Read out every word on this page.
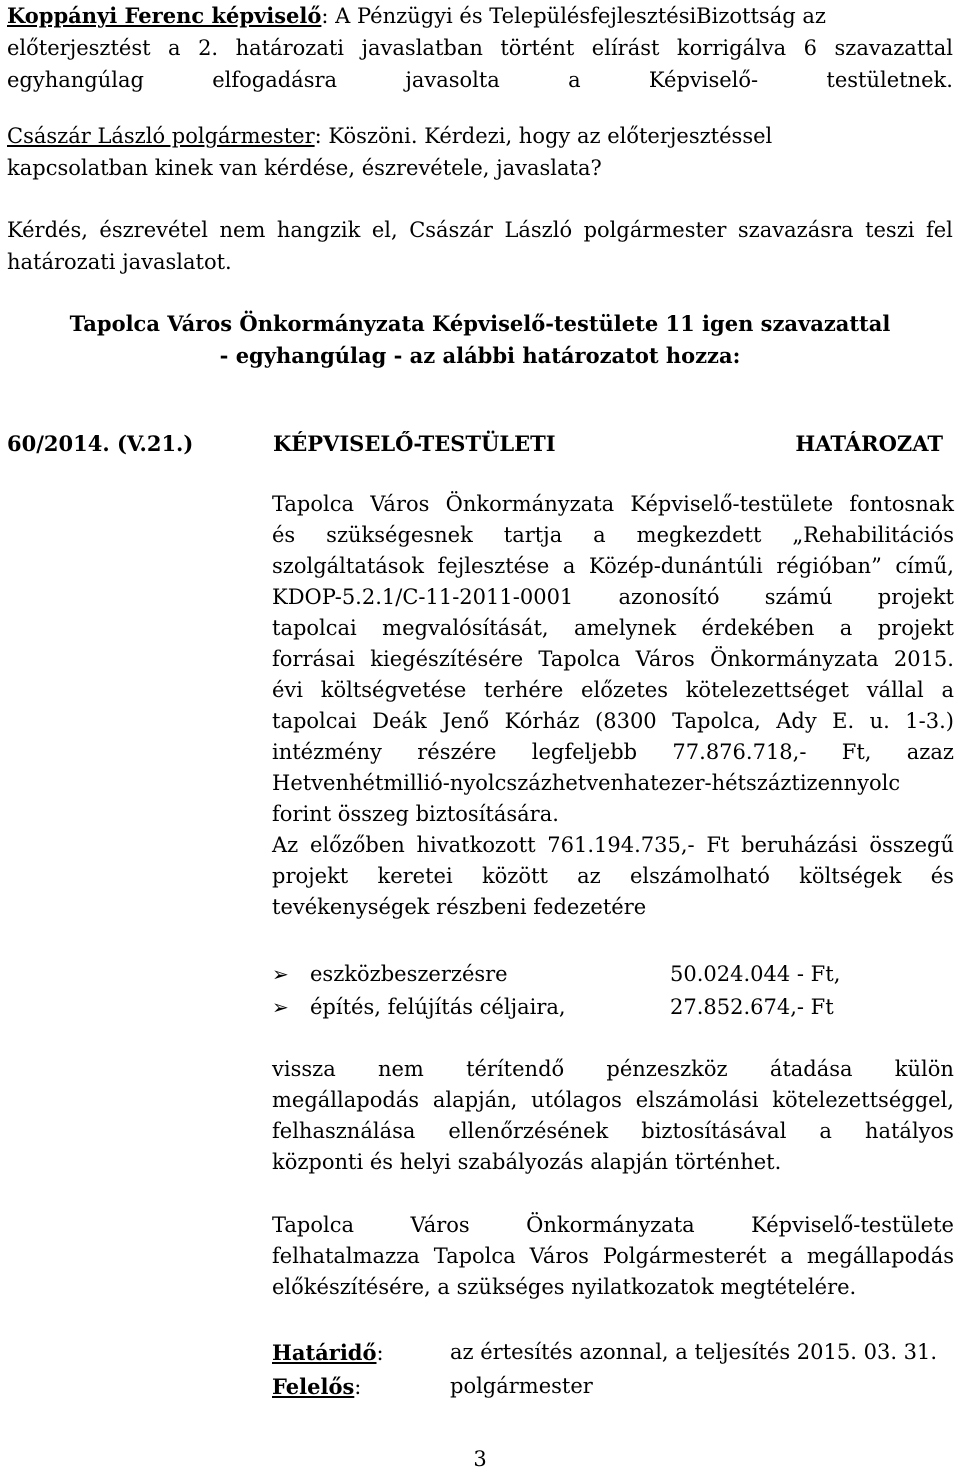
Koppányi Ferenc képviselő: A Pénzügyi és TelepülésfejlesztésiBizottság az
előterjesztést a 2. határozati javaslatban történt elírást korrigálva 6 szavazattal
egyhangúlag	elfogadásra	javasolta	a	Képviselő-	testületnek.
Császár László polgármester: Köszöni. Kérdezi, hogy az előterjesztéssel
kapcsolatban kinek van kérdése, észrevétele, javaslata?
Kérdés, észrevétel nem hangzik el, Császár László polgármester szavazásra teszi fel
határozati javaslatot.
Tapolca Város Önkormányzata Képviselő-testülete 11 igen szavazattal
- egyhangúlag - az alábbi határozatot hozza:
60/2014. (V.21.)	KÉPVISELŐ-TESTÜLETI	HATÁROZAT
Tapolca Város Önkormányzata Képviselő-testülete fontosnak
és szükségesnek tartja a megkezdett „Rehabilitációs
szolgáltatások fejlesztése a Közép-dunántúli régióban” című,
KDOP-5.2.1/C-11-2011-0001 azonosító számú projekt
tapolcai megvalósítását, amelynek érdekében a projekt
forrásai kiegészítésére Tapolca Város Önkormányzata 2015.
évi költségvetése terhére előzetes kötelezettséget vállal a
tapolcai Deák Jenő Kórház (8300 Tapolca, Ady E. u. 1-3.)
intézmény részére legfeljebb 77.876.718,- Ft, azaz
Hetvenhétmillió-nyolcszázhetvenhatezer-hétszáztizennyolc
forint összeg biztosítására.
Az előzőben hivatkozott 761.194.735,- Ft beruházási összegű
projekt keretei között az elszámolható költségek és
tevékenységek részbeni fedezetére
➢	eszközbeszerzésre	50.024.044 - Ft,
➢	építés, felújítás céljaira,	27.852.674,- Ft
vissza nem térítendő pénzeszköz átadása külön
megállapodás alapján, utólagos elszámolási kötelezettséggel,
felhasználása ellenőrzésének biztosításával a hatályos
központi és helyi szabályozás alapján történhet.
Tapolca	Város	Önkormányzata	Képviselő-testülete
felhatalmazza Tapolca Város Polgármesterét a megállapodás
előkészítésére, a szükséges nyilatkozatok megtételére.
Határidő:	az értesítés azonnal, a teljesítés 2015. 03. 31.
Felelős:	polgármester
3
